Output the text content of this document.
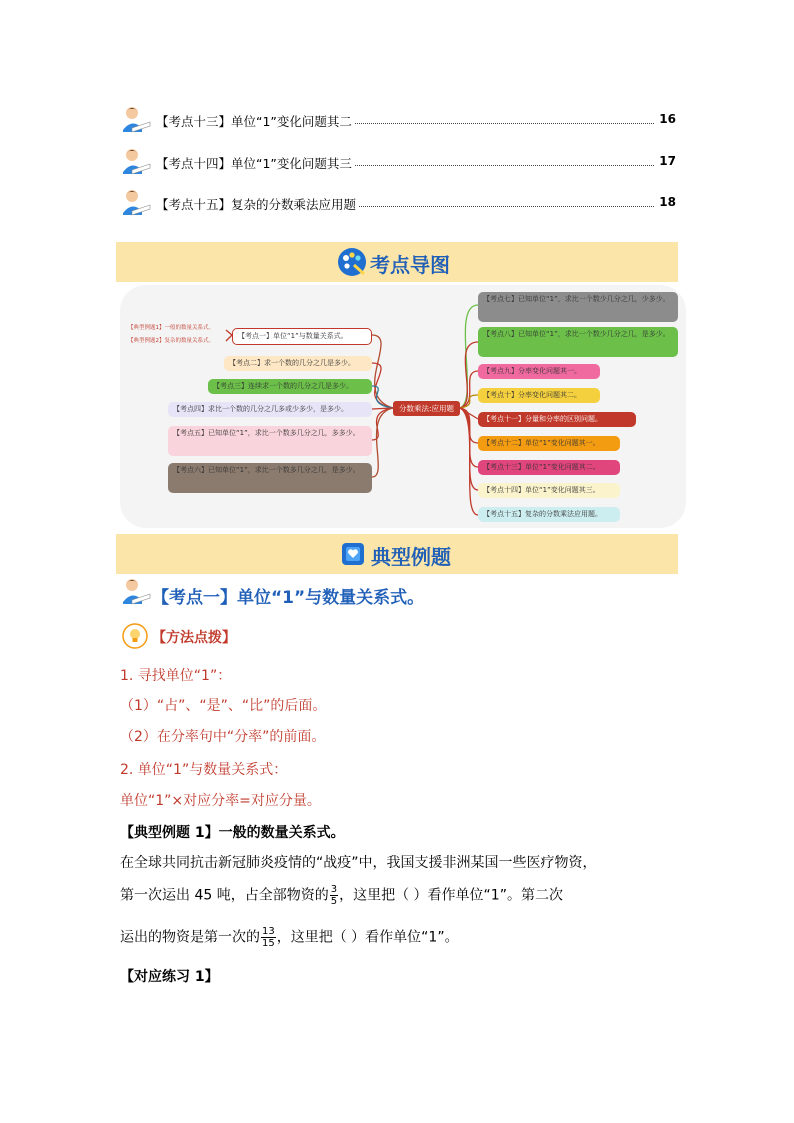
【考点十三】单位“1”变化问题其二	16
【考点十四】单位“1”变化问题其三	17
【考点十五】复杂的分数乘法应用题	18
考点导图
【典型例题1】一般的数量关系式。
【典型例题2】复杂的数量关系式。
分数乘法:应用题
【考点一】单位“1”与数量关系式。
【考点二】求一个数的几分之几是多少。
【考点三】连续求一个数的几分之几是多少。
【考点四】求比一个数的几分之几多或少多少，是多少。
【考点五】已知单位“1”，求比一个数多几分之几，多多少。
【考点六】已知单位“1”，求比一个数多几分之几，是多少。
【考点七】已知单位“1”，求比一个数少几分之几，少多少。
【考点八】已知单位“1”，求比一个数少几分之几，是多少。
【考点九】分率变化问题其一。
【考点十】分率变化问题其二。
【考点十一】分量和分率的区别问题。
【考点十二】单位“1”变化问题其一。
【考点十三】单位“1”变化问题其二。
【考点十四】单位“1”变化问题其三。
【考点十五】复杂的分数乘法应用题。
典型例题
【考点一】单位“1”与数量关系式。
【方法点拨】
1. 寻找单位“1”：
（1）“占”、“是”、“比”的后面。
（2）在分率句中“分率”的前面。
2. 单位“1”与数量关系式：
单位“1”×对应分率=对应分量。
【典型例题 1】一般的数量关系式。
在全球共同抗击新冠肺炎疫情的“战疫”中，我国支援非洲某国一些医疗物资，
第一次运出 45 吨，占全部物资的 $\frac{3}{5}$ ，这里把（ ）看作单位“1”。第二次
运出的物资是第一次的 $\frac{13}{15}$ ，这里把（ ）看作单位“1”。
【对应练习 1】
